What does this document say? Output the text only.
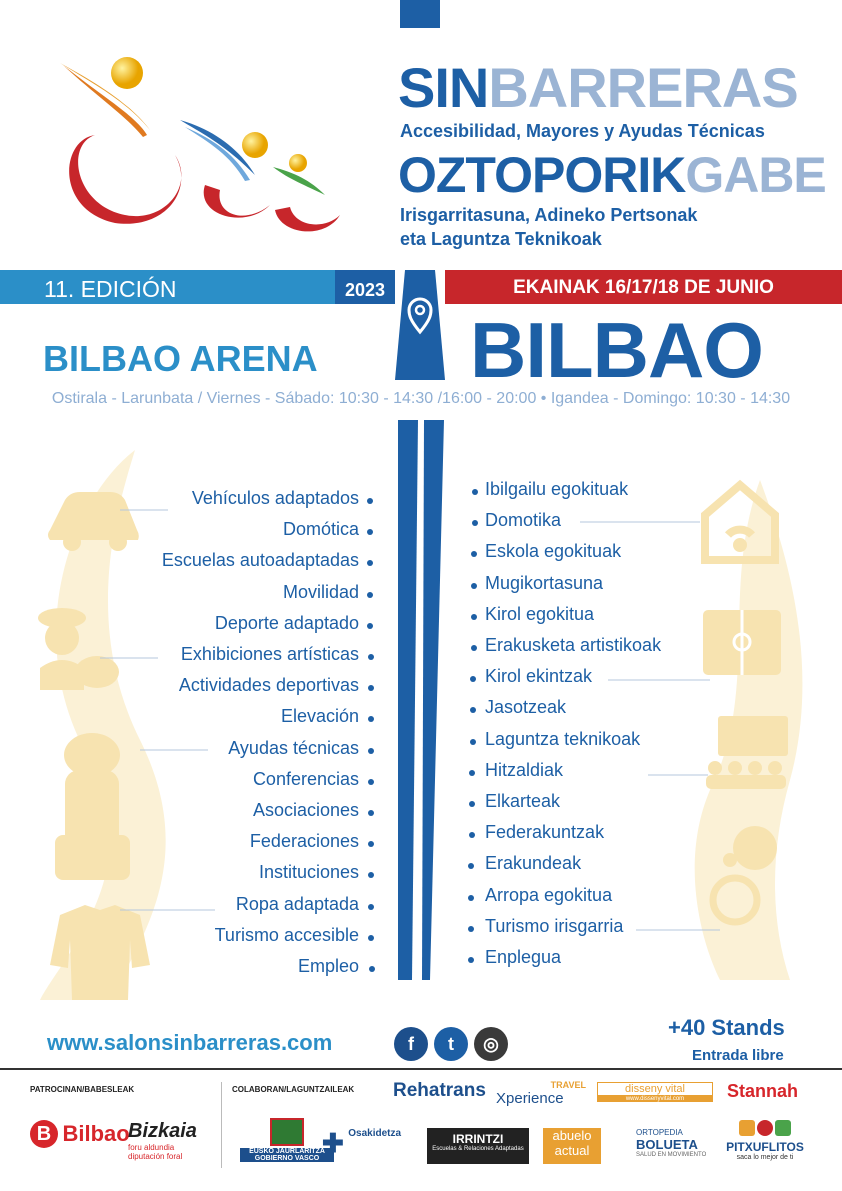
SINBARRERAS
Accesibilidad, Mayores y Ayudas Técnicas
OZTOPORIKGABE
Irisgarritasuna, Adineko Pertsonak
eta Laguntza Teknikoak
11. EDICIÓN	2023	EKAINAK 16/17/18 DE JUNIO
BILBAO ARENA BILBAO
Ostirala - Larunbata / Viernes - Sábado: 10:30 - 14:30 /16:00 - 20:00 • Igandea - Domingo: 10:30 - 14:30
Vehículos adaptados
Domótica
Escuelas autoadaptadas
Movilidad
Deporte adaptado
Exhibiciones artísticas
Actividades deportivas
Elevación
Ayudas técnicas
Conferencias
Asociaciones
Federaciones
Instituciones
Ropa adaptada
Turismo accesible
Empleo
Ibilgailu egokituak
Domotika
Eskola egokituak
Mugikortasuna
Kirol egokitua
Erakusketa artistikoak
Kirol ekintzak
Jasotzeak
Laguntza teknikoak
Hitzaldiak
Elkarteak
Federakuntzak
Erakundeak
Arropa egokitua
Turismo irisgarria
Enplegua
www.salonsinbarreras.com	f	t	◎
+40 Stands
Entrada libre
PATROCINAN/BABESLEAK	COLABORAN/LAGUNTZAILEAK
B Bilbao
Bizkaia
foru aldundia diputación foral
EUSKO JAURLARITZA
GOBIERNO VASCO
✚ $^{Osakidetza}$	IRRINTZI
Escuelas & Relaciones Adaptadas
abuelo
actual
ORTOPEDIA
BOLUETA
SALUD EN MOVIMIENTO
PITXUFLITOS
saca lo mejor de ti
Rehatrans	TRAVEL
Xperience
disseny vital
www.dissenyvital.com	Stannah
